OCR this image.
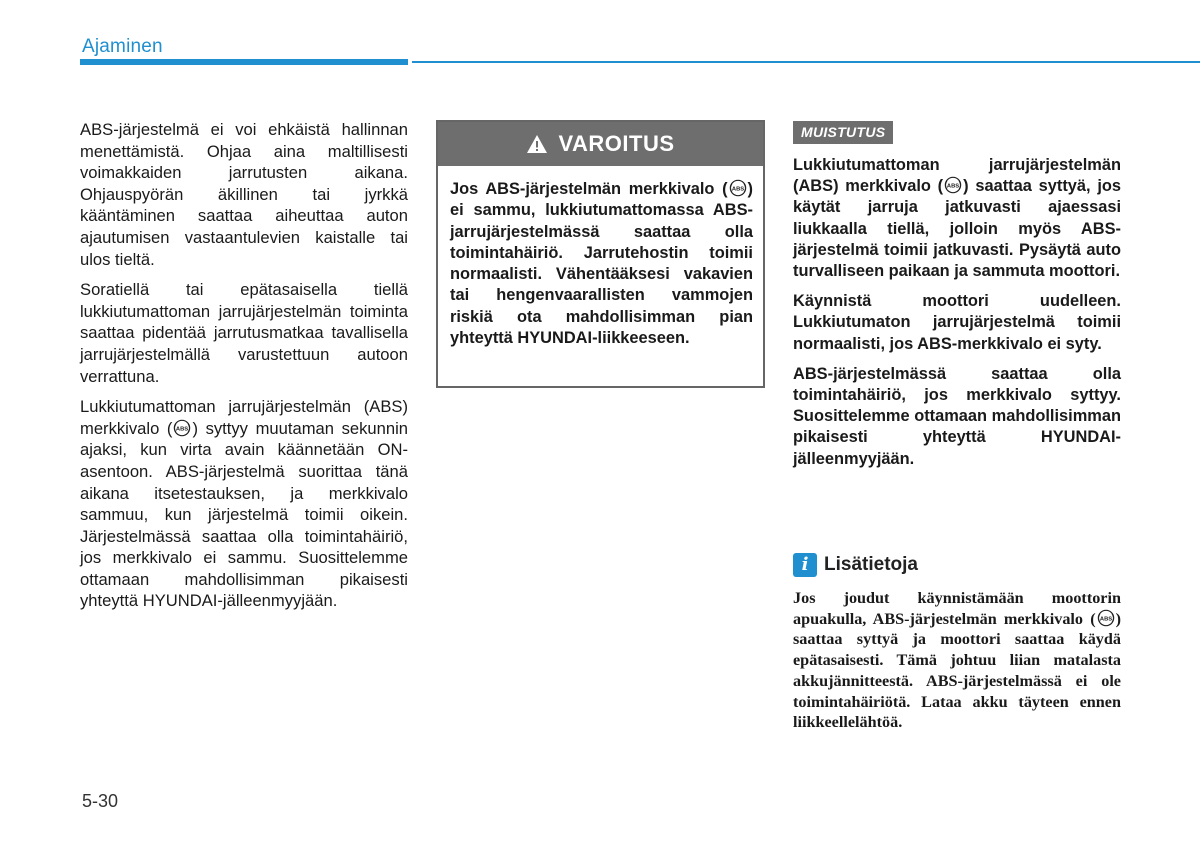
Ajaminen

ABS-järjestelmä ei voi ehkäistä hallinnan menettämistä. Ohjaa aina maltillisesti voimakkaiden jarrutusten aikana. Ohjauspyörän äkillinen tai jyrkkä kääntäminen saattaa aiheuttaa auton ajautumisen vastaantulevien kaistalle tai ulos tieltä.

Soratiellä tai epätasaisella tiellä lukkiutumattoman jarrujärjestelmän toiminta saattaa pidentää jarrutusmatkaa tavallisella jarrujärjestelmällä varustettuun autoon verrattuna.

Lukkiutumattoman jarrujärjestelmän (ABS) merkkivalo ( ABS ) syttyy muutaman sekunnin ajaksi, kun virta avain käännetään ON-asentoon. ABS-järjestelmä suorittaa tänä aikana itsetestauksen, ja merkkivalo sammuu, kun järjestelmä toimii oikein. Järjestelmässä saattaa olla toimintahäiriö, jos merkkivalo ei sammu. Suosittelemme ottamaan mahdollisimman pikaisesti yhteyttä HYUNDAI-jälleenmyyjään.

VAROITUS
Jos ABS-järjestelmän merkkivalo ( ABS ) ei sammu, lukkiutumattomassa ABS-jarrujärjestelmässä saattaa olla toimintahäiriö. Jarrutehostin toimii normaalisti. Vähentääksesi vakavien tai hengenvaarallisten vammojen riskiä ota mahdollisimman pian yhteyttä HYUNDAI-liikkeeseen.
MUISTUTUS

Lukkiutumattoman jarrujärjestelmän (ABS) merkkivalo ( ABS ) saattaa syttyä, jos käytät jarruja jatkuvasti ajaessasi liukkaalla tiellä, jolloin myös ABS-järjestelmä toimii jatkuvasti. Pysäytä auto turvalliseen paikaan ja sammuta moottori.

Käynnistä moottori uudelleen. Lukkiutumaton jarrujärjestelmä toimii normaalisti, jos ABS-merkkivalo ei syty.

ABS-järjestelmässä saattaa olla toimintahäiriö, jos merkkivalo syttyy. Suosittelemme ottamaan mahdollisimman pikaisesti yhteyttä HYUNDAI-jälleenmyyjään.

i Lisätietoja
Jos joudut käynnistämään moottorin apuakulla, ABS-järjestelmän merkkivalo ( ABS ) saattaa syttyä ja moottori saattaa käydä epätasaisesti. Tämä johtuu liian matalasta akkujännitteestä. ABS-järjestelmässä ei ole toimintahäiriötä. Lataa akku täyteen ennen liikkeellelähtöä.
5-30
